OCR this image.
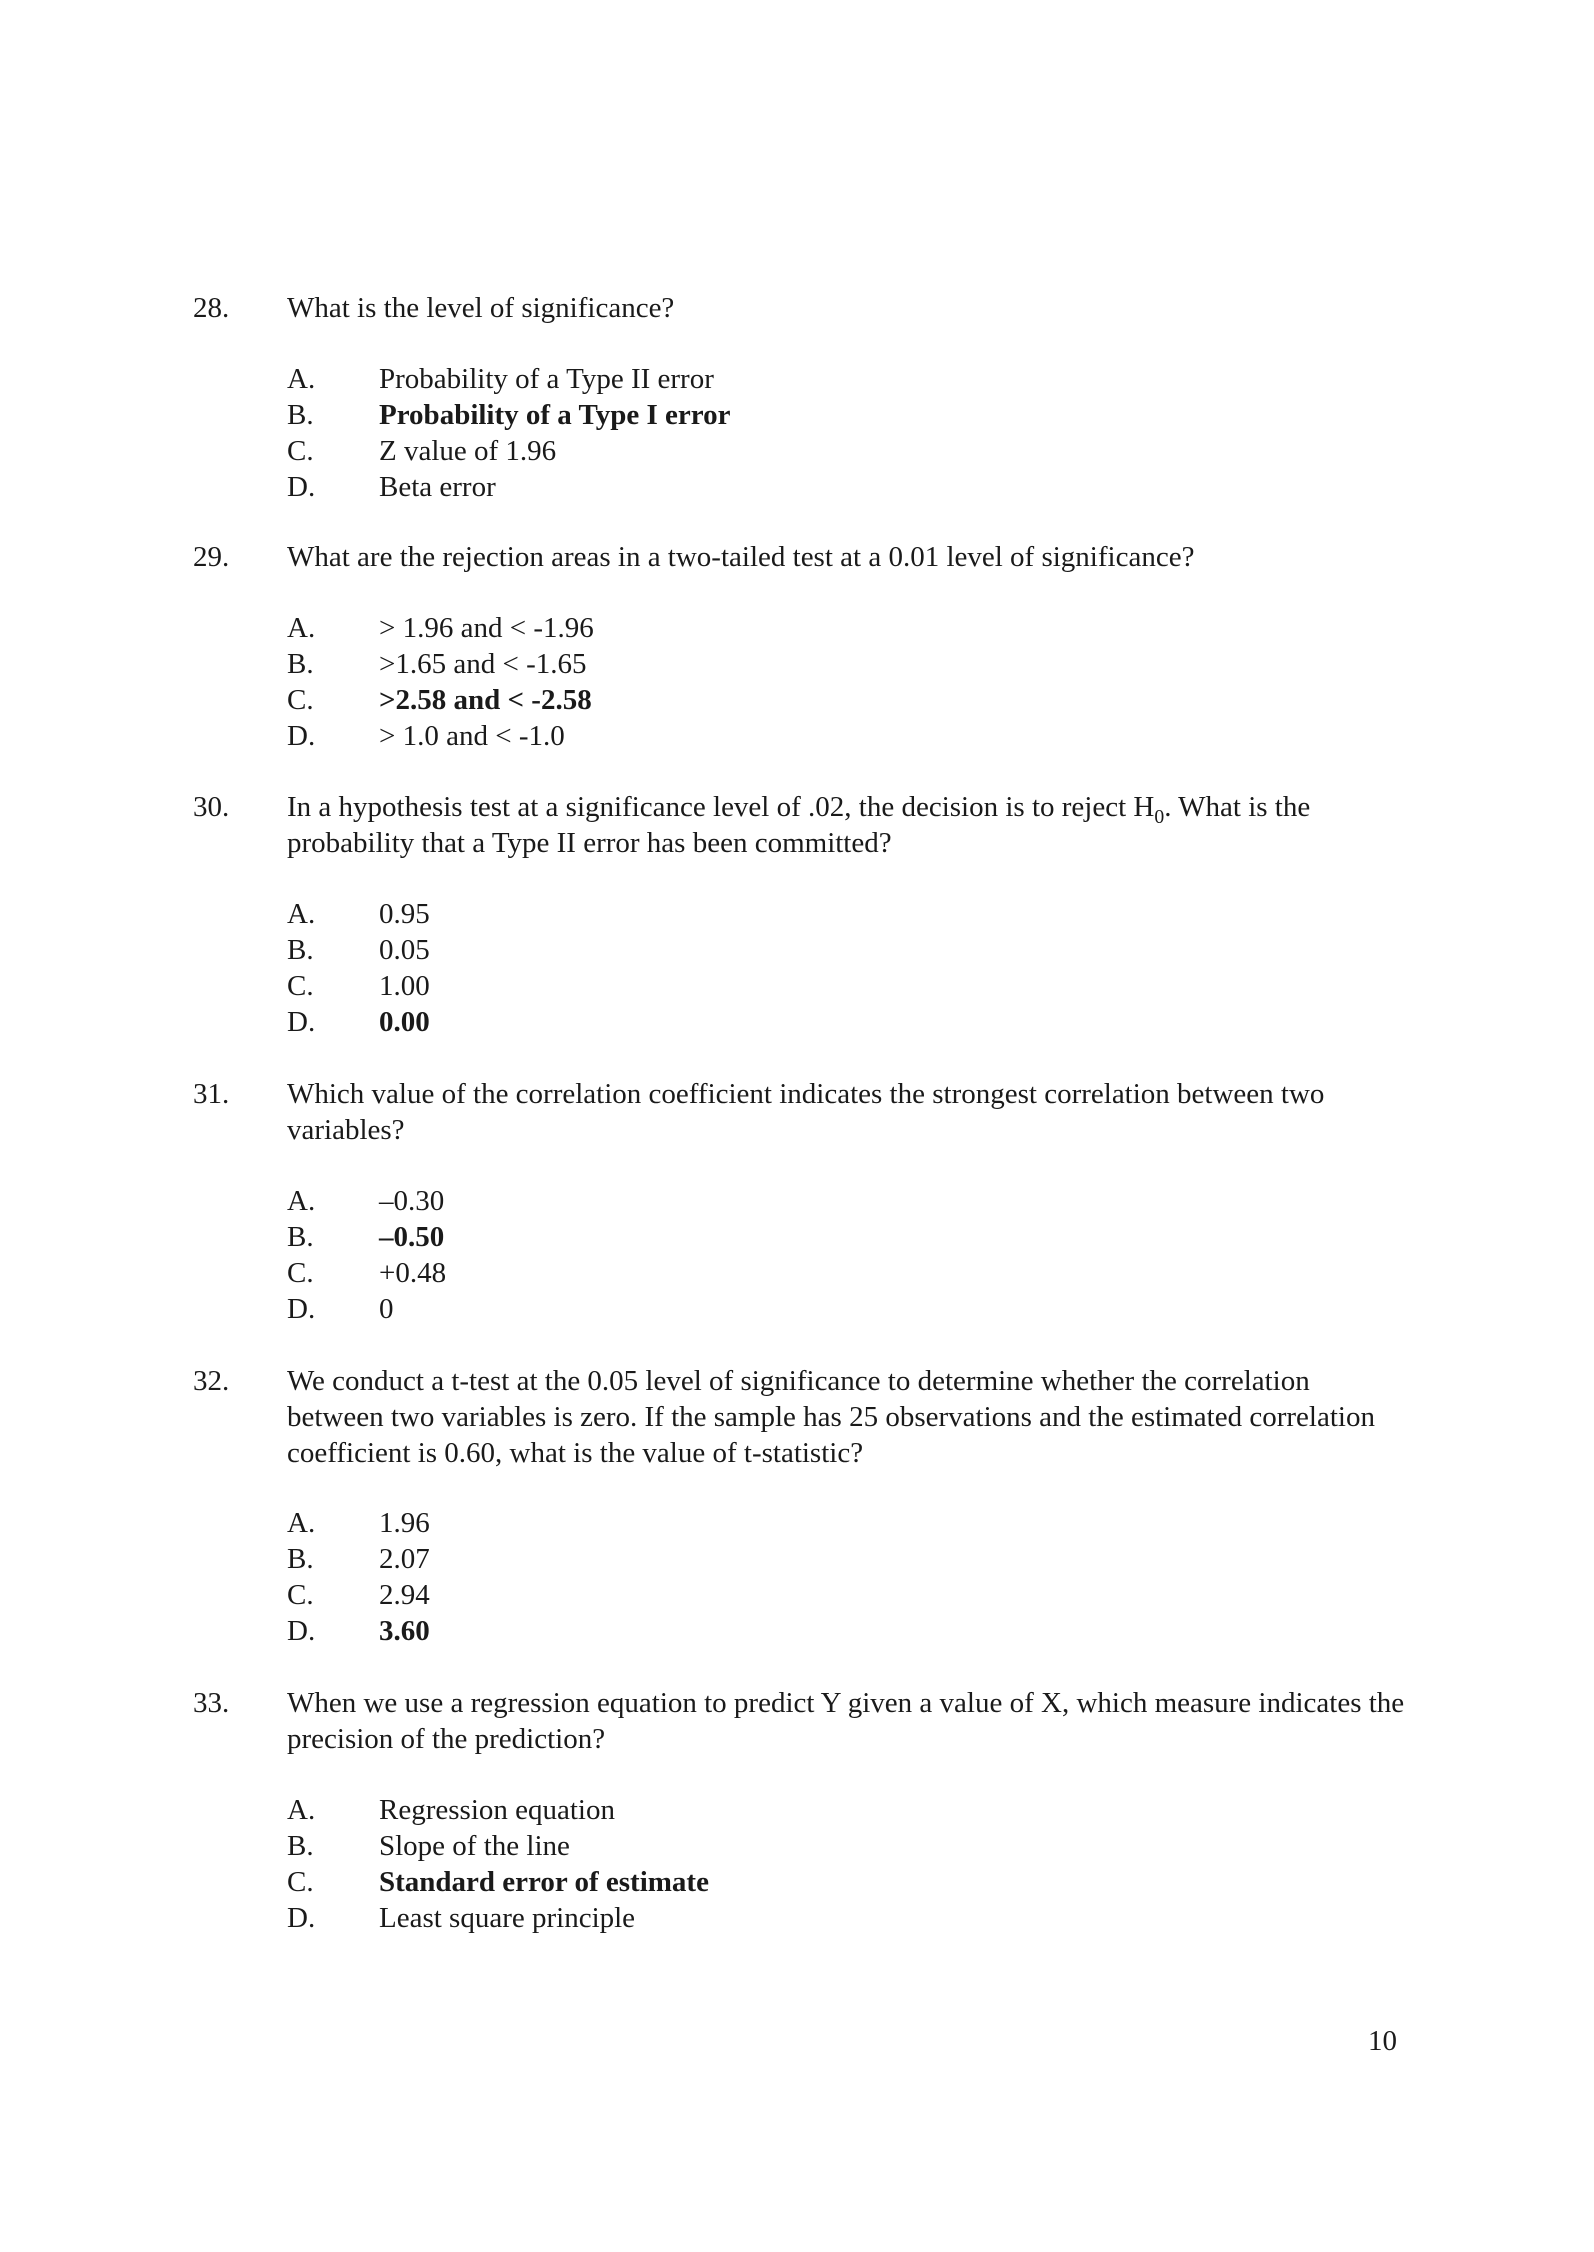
28. What is the level of significance?
A. Probability of a Type II error
B. Probability of a Type I error
C. Z value of 1.96
D. Beta error
29. What are the rejection areas in a two-tailed test at a 0.01 level of significance?
A. > 1.96 and < -1.96
B. >1.65 and < -1.65
C. >2.58 and < -2.58
D. > 1.0 and < -1.0
30. In a hypothesis test at a significance level of .02, the decision is to reject $H_0$. What is the probability that a Type II error has been committed?
A. 0.95
B. 0.05
C. 1.00
D. 0.00
31. Which value of the correlation coefficient indicates the strongest correlation between two variables?
A. –0.30
B. –0.50
C. +0.48
D. 0
32. We conduct a t-test at the 0.05 level of significance to determine whether the correlation between two variables is zero. If the sample has 25 observations and the estimated correlation coefficient is 0.60, what is the value of t-statistic?
A. 1.96
B. 2.07
C. 2.94
D. 3.60
33. When we use a regression equation to predict Y given a value of X, which measure indicates the precision of the prediction?
A. Regression equation
B. Slope of the line
C. Standard error of estimate
D. Least square principle
10
